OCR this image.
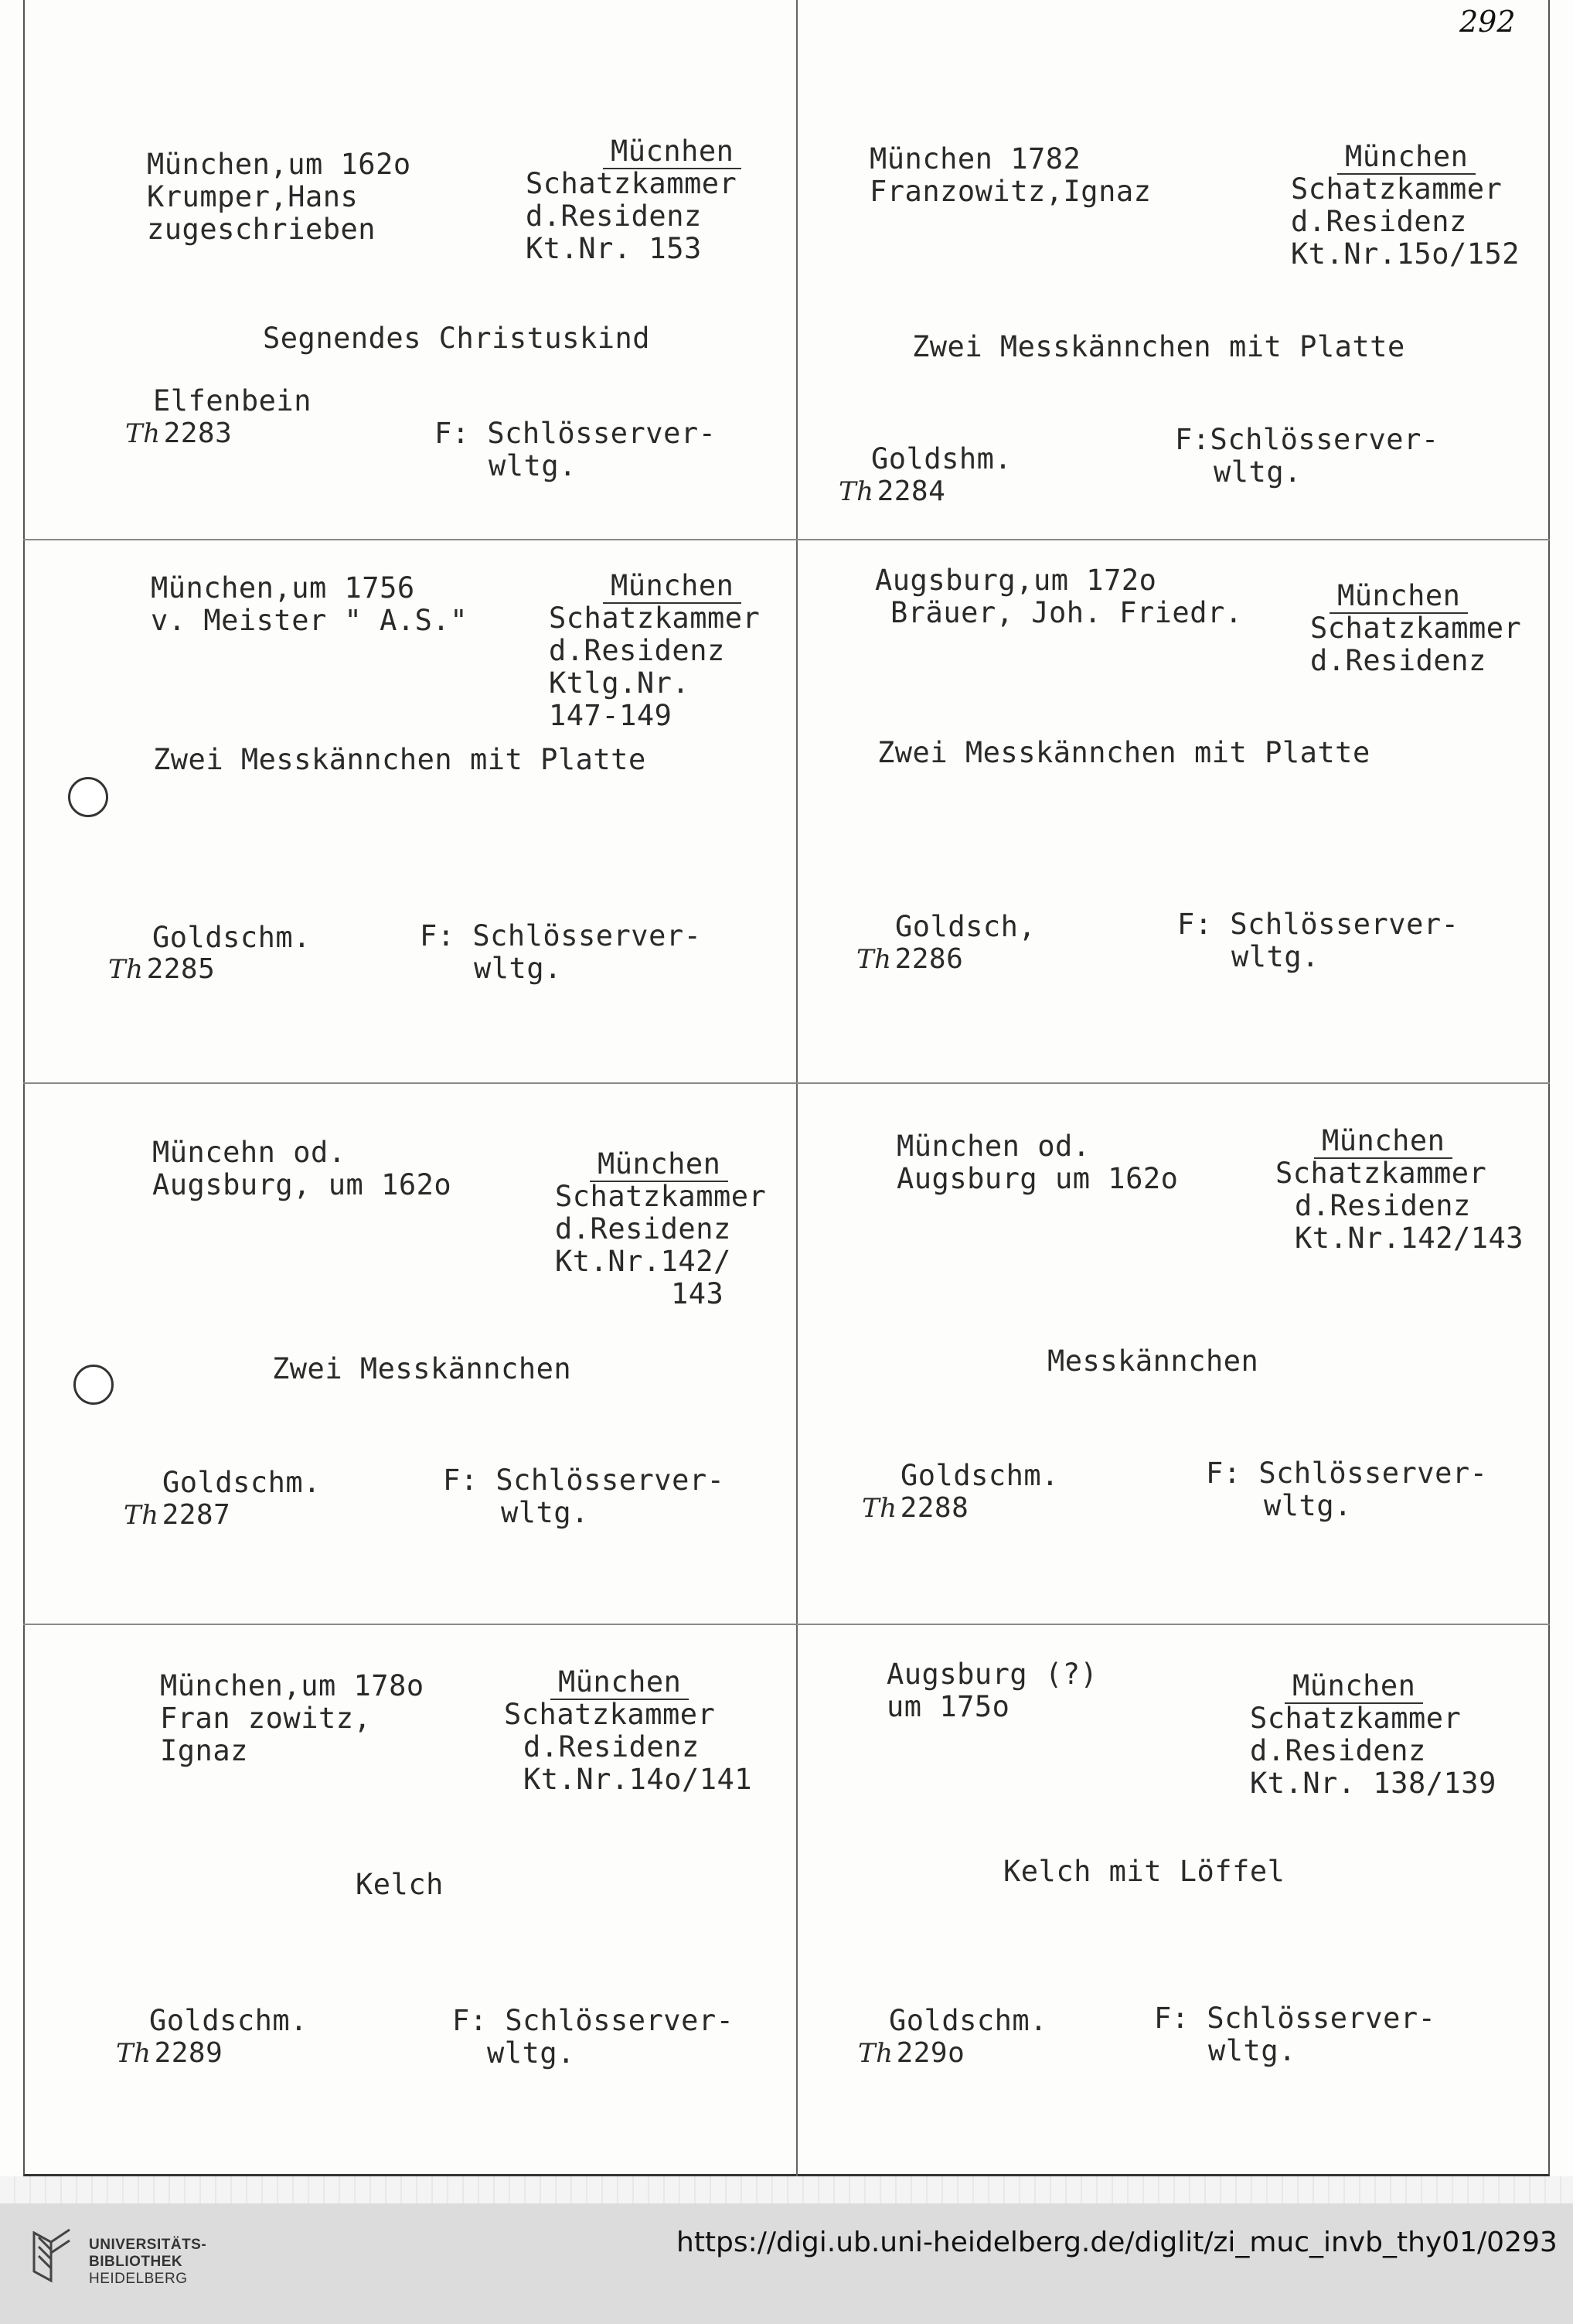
292
München,um 162o
Krumper,Hans
zugeschrieben
Mücnhen
Schatzkammer
d.Residenz
Kt.Nr. 153
Segnendes Christuskind
Elfenbein
Th 2283	F: Schlösserver-
wltg.
München 1782
Franzowitz,Ignaz
München
Schatzkammer
d.Residenz
Kt.Nr.15o/152
Zwei Messkännchen mit Platte
Goldshm.
Th 2284
F:Schlösserver-
wltg.
München,um 1756
v. Meister " A.S."
München
Schatzkammer
d.Residenz
Ktlg.Nr.
147-149
Zwei Messkännchen mit Platte
Goldschm.
Th 2285
F: Schlösserver-
wltg.
Augsburg,um 172o
Bräuer, Joh. Friedr.
München
Schatzkammer
d.Residenz
Zwei Messkännchen mit Platte
Goldsch,
Th 2286
F: Schlösserver-
wltg.
Müncehn od.
Augsburg, um 162o
München
Schatzkammer
d.Residenz
Kt.Nr.142/
143
Zwei Messkännchen
Goldschm.
Th 2287
F: Schlösserver-
wltg.
München od.
Augsburg um 162o
München
Schatzkammer
d.Residenz
Kt.Nr.142/143
Messkännchen
Goldschm.
Th 2288
F: Schlösserver-
wltg.
München,um 178o
Fran zowitz,
Ignaz
München
Schatzkammer
d.Residenz
Kt.Nr.14o/141
Kelch
Goldschm.
Th 2289
F: Schlösserver-
wltg.
Augsburg (?)
um 175o
München
Schatzkammer
d.Residenz
Kt.Nr. 138/139
Kelch mit Löffel
Goldschm.
Th 229o
F: Schlösserver-
wltg.
UNIVERSITÄTS-
BIBLIOTHEK
HEIDELBERG
https://digi.ub.uni-heidelberg.de/diglit/zi_muc_invb_thy01/0293
